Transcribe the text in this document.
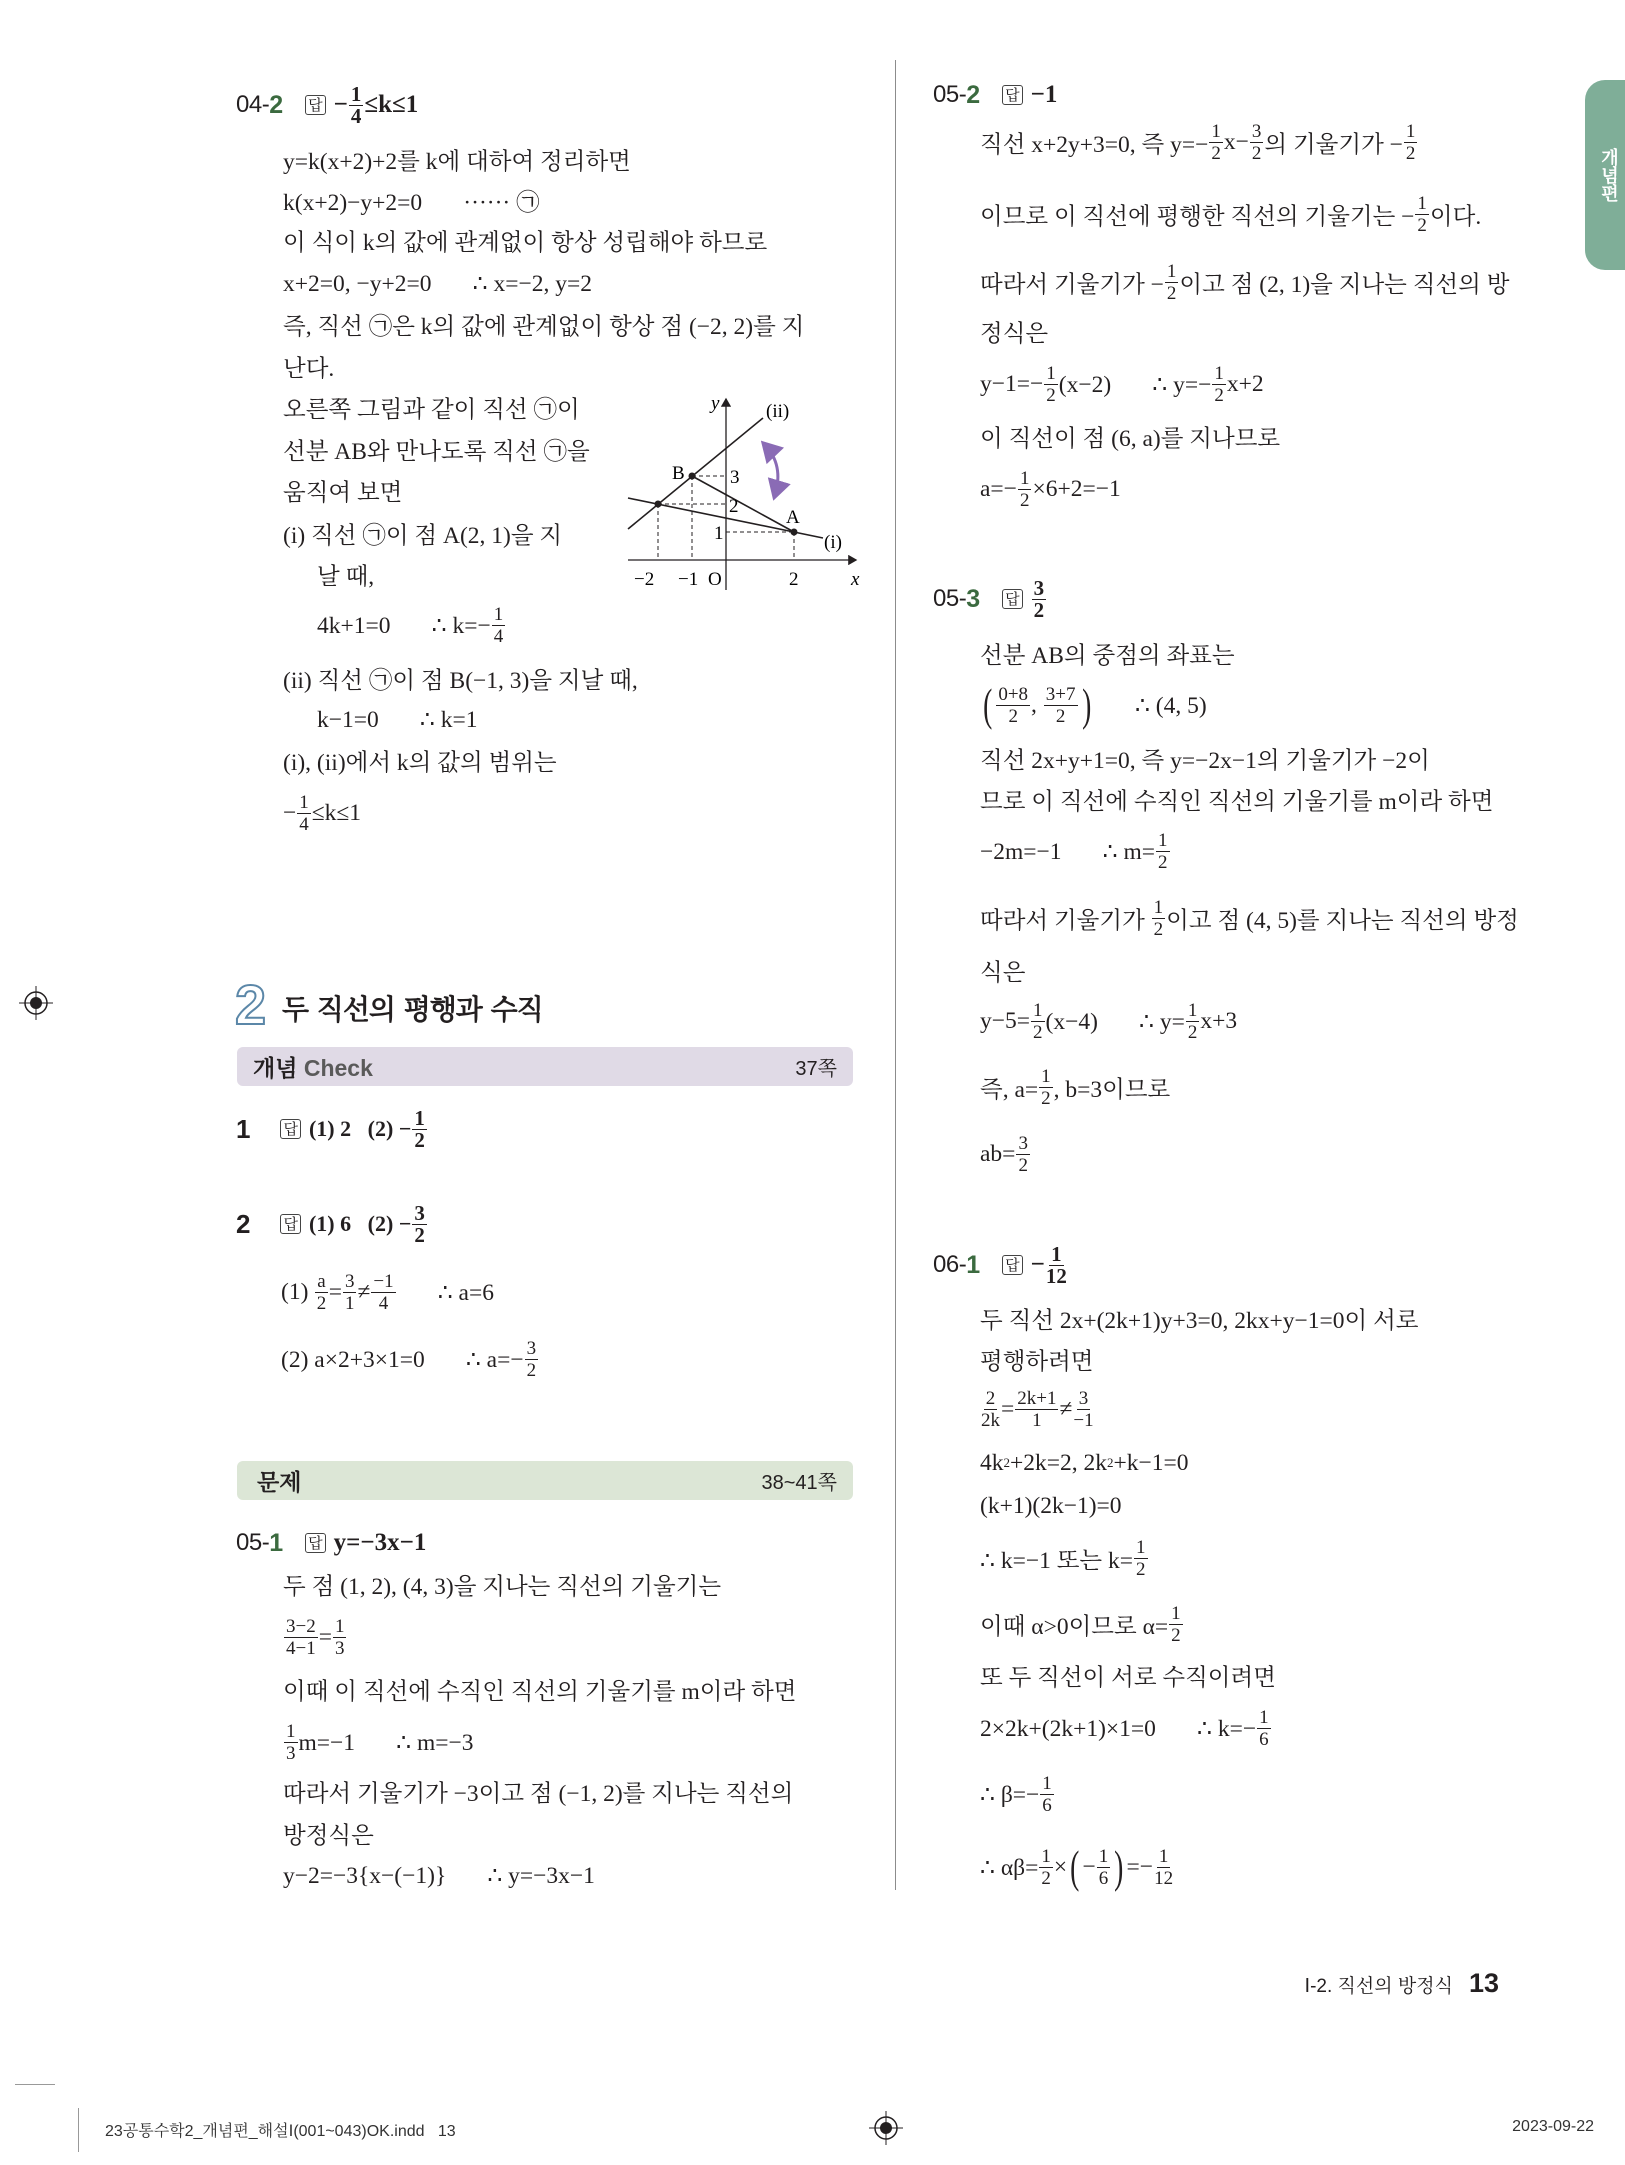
개념편
04- 2 답 − $\frac{1}{4} \le k\le 1$
y=k(x+2)+2를 k에 대하여 정리하면
k(x+2)−y+2=0       ······ ㉠
이 식이 k의 값에 관계없이 항상 성립해야 하므로
x+2=0, −y+2=0       ∴ x=−2, y=2
즉, 직선 ㉠은 k의 값에 관계없이 항상 점 (−2, 2)를 지
난다.
오른쪽 그림과 같이 직선 ㉠이
선분 AB와 만나도록 직선 ㉠을
움직여 보면
(i) 직선 ㉠이 점 A(2, 1)을 지
날 때,
4k+1=0       ∴ $k=- \frac{1}{4}$
(ii) 직선 ㉠이 점 B(−1, 3)을 지날 때,
k−1=0       ∴ k=1
(i), (ii)에서 k의 값의 범위는
− $\frac{1}{4} \le k\le 1$
05- 1 답 y=−3x−1
두 점 (1, 2), (4, 3)을 지나는 직선의 기울기는
$\frac{3-2}{4-1} = \frac{1}{3}$
이때 이 직선에 수직인 직선의 기울기를 m이라 하면
$\frac{1}{3} m=-1$       ∴ m=−3
따라서 기울기가 −3이고 점 (−1, 2)를 지나는 직선의
방정식은
y−2=−3{x−(−1)}       ∴ y=−3x−1
05- 2 답 −1
직선 x+2y+3=0, 즉 $y=- \frac{1}{2} x- \frac{3}{2}$ 의 기울기가 − $\frac{1}{2}$
이므로 이 직선에 평행한 직선의 기울기는 − $\frac{1}{2}$ 이다.
따라서 기울기가 − $\frac{1}{2}$ 이고 점 (2, 1)을 지나는 직선의 방
정식은
$y-1=- \frac{1}{2} (x-2)$       ∴ $y=- \frac{1}{2} x+2$
이 직선이 점 (6, a)를 지나므로
$a=- \frac{1}{2} \times 6+2=-1$
05- 3 답 $\frac{3}{2}$
선분 AB의 중점의 좌표는
( $\frac{0+8}{2}$ , $\frac{3+7}{2}$ ) ∴ (4, 5)
직선 2x+y+1=0, 즉 y=−2x−1의 기울기가 −2이
므로 이 직선에 수직인 직선의 기울기를 m이라 하면
−2m=−1       ∴ $m= \frac{1}{2}$
따라서 기울기가 $\frac{1}{2}$ 이고 점 (4, 5)를 지나는 직선의 방정
식은
$y-5= \frac{1}{2} (x-4)$       ∴ $y= \frac{1}{2} x+3$
즉, $a= \frac{1}{2}$ , b=3이므로
$ab= \frac{3}{2}$
06- 1 답 − $\frac{1}{12}$
두 직선 2x+(2k+1)y+3=0, 2kx+y−1=0이 서로
평행하려면
$\frac{2}{2k} = \frac{2k+1}{1} \ne \frac{3}{-1}$
4k 2 +2k=2, 2k 2 +k−1=0
(k+1)(2k−1)=0
∴ k=−1 또는 $k= \frac{1}{2}$
이때 α>0이므로 $\alpha= \frac{1}{2}$
또 두 직선이 서로 수직이려면
2×2k+(2k+1)×1=0       ∴ $k=- \frac{1}{6}$
∴ $\beta=- \frac{1}{6}$
∴ $\alpha\beta= \frac{1}{2}$ × ( − $\frac{1}{6}$ ) =− $\frac{1}{12}$
1 답 (1) 2   $(2) - \frac{1}{2}$
2 답 (1) 6   $(2) - \frac{3}{2}$
$(1) \frac{a}{2} = \frac{3}{1} \ne \frac{-1}{4}$ ∴ a=6
(2) a×2+3×1=0       ∴ $a=- \frac{3}{2}$
y
x
(ii)
(i)
B
A
3
2
1
−2 −1 O	2
2 두 직선의 평행과 수직
개념 Check	37쪽
문제	38~41쪽
Ⅰ-2. 직선의 방정식 13
23공통수학2_개념편_해설Ⅰ(001~043)OK.indd   13	2023-09-22
